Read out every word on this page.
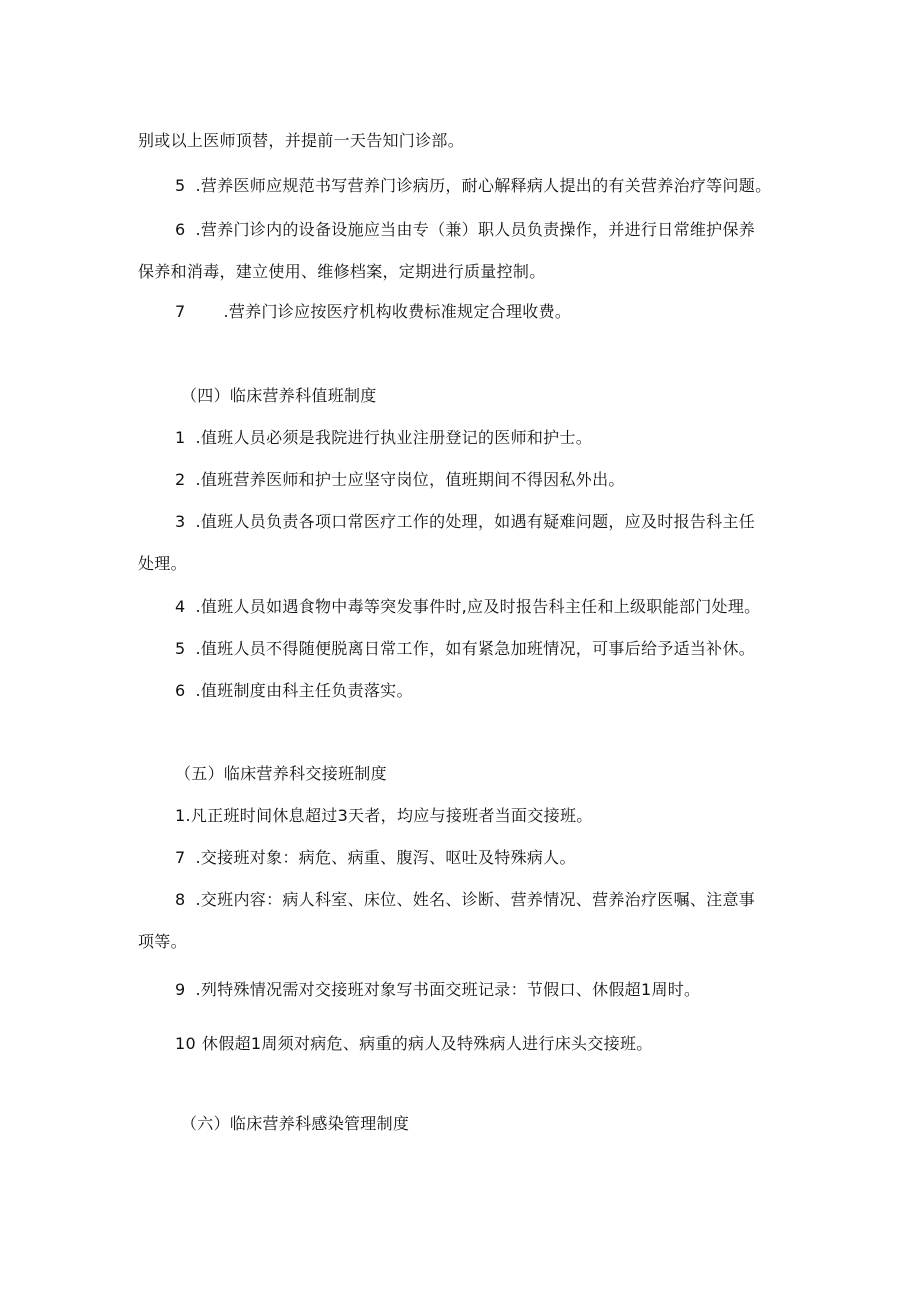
别或以上医师顶替，并提前一天告知门诊部。
5 .营养医师应规范书写营养门诊病历，耐心解释病人提出的有关营养治疗等问题。
6 .营养门诊内的设备设施应当由专（兼）职人员负责操作，并进行日常维护保养
保养和消毒，建立使用、维修档案，定期进行质量控制。
7 .营养门诊应按医疗机构收费标准规定合理收费。
（四）临床营养科值班制度
1 .值班人员必须是我院进行执业注册登记的医师和护士。
2 .值班营养医师和护士应坚守岗位，值班期间不得因私外出。
3 .值班人员负责各项口常医疗工作的处理，如遇有疑难问题，应及时报告科主任
处理。
4 .值班人员如遇食物中毒等突发事件时,应及时报告科主任和上级职能部门处理。
5 .值班人员不得随便脱离日常工作，如有紧急加班情况，可事后给予适当补休。
6 .值班制度由科主任负责落实。
（五）临床营养科交接班制度
1.凡正班时间休息超过3天者，均应与接班者当面交接班。
7 .交接班对象：病危、病重、腹泻、呕吐及特殊病人。
8 .交班内容：病人科室、床位、姓名、诊断、营养情况、营养治疗医嘱、注意事
项等。
9 .列特殊情况需对交接班对象写书面交班记录：节假口、休假超1周时。
10 休假超1周须对病危、病重的病人及特殊病人进行床头交接班。
（六）临床营养科感染管理制度
